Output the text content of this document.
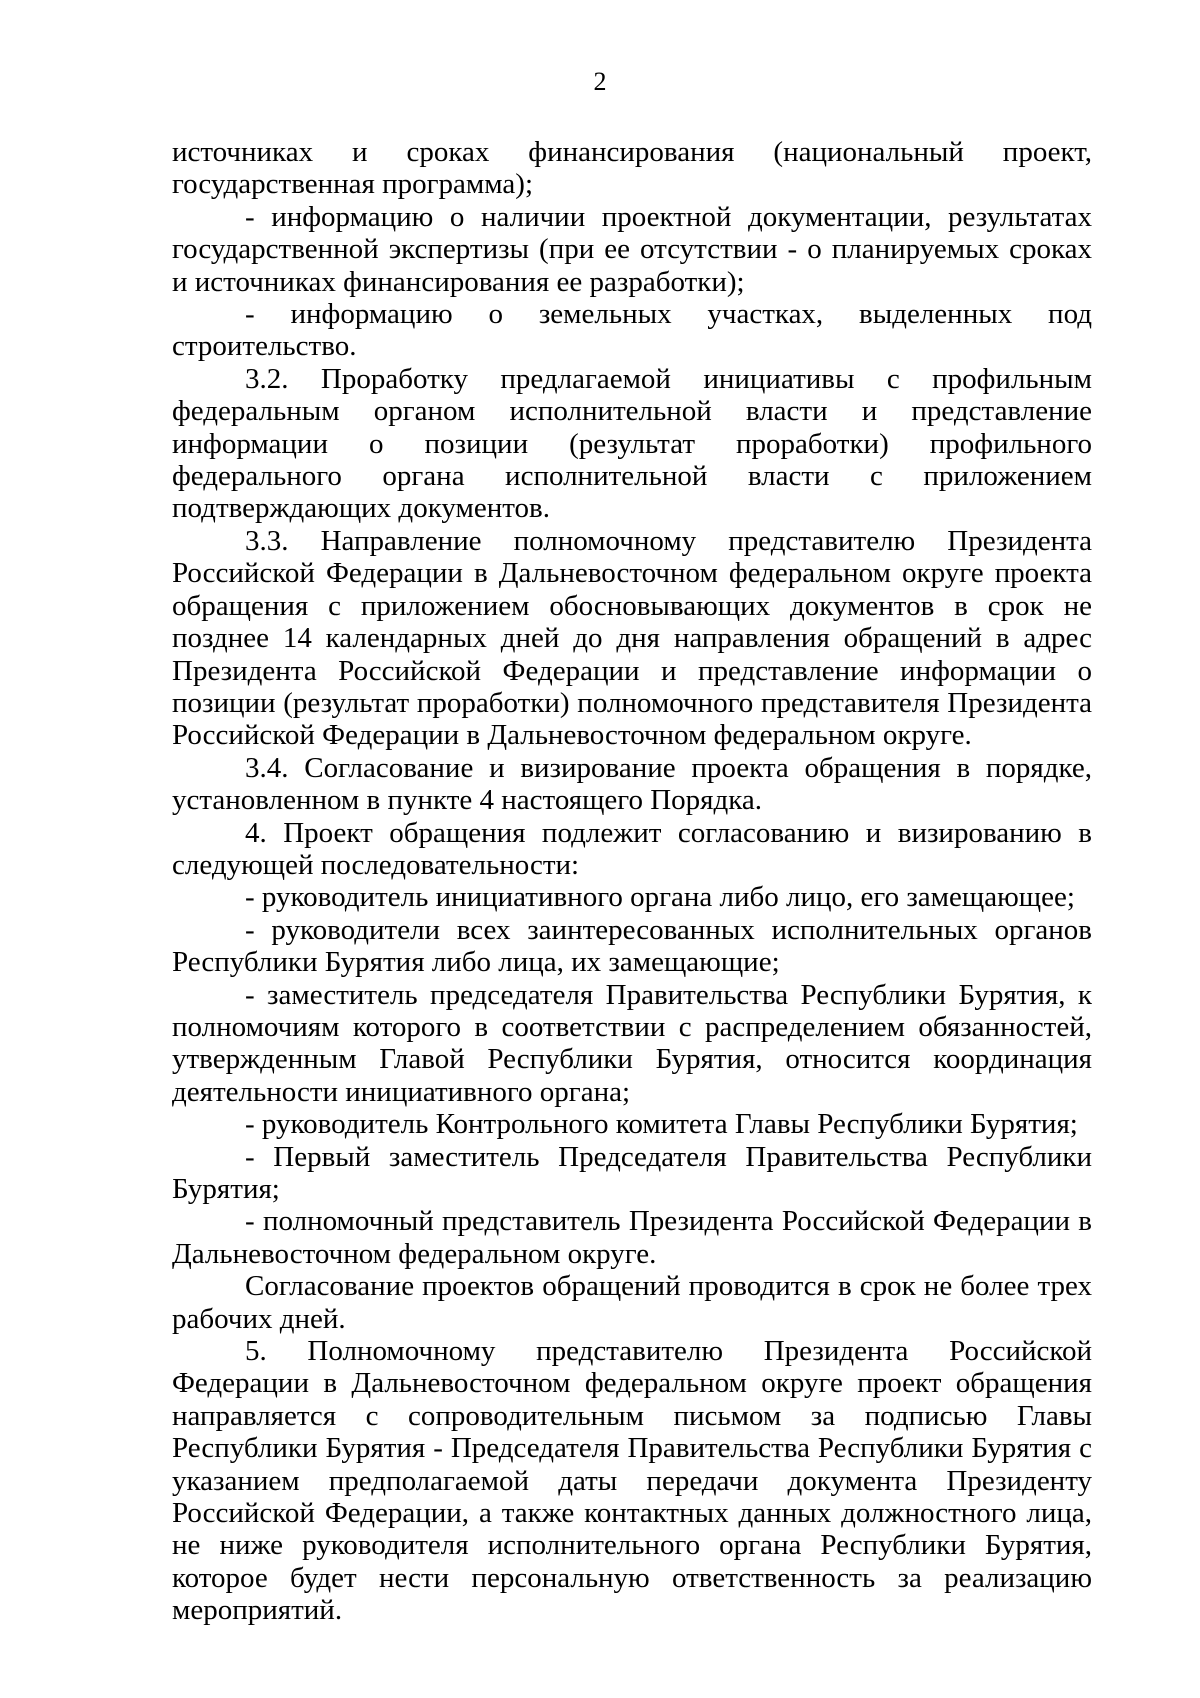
2

источниках и сроках финансирования (национальный проект, государственная программа);

- информацию о наличии проектной документации, результатах государственной экспертизы (при ее отсутствии - о планируемых сроках и источниках финансирования ее разработки);

- информацию о земельных участках, выделенных под строительство.

3.2. Проработку предлагаемой инициативы с профильным федеральным органом исполнительной власти и представление информации о позиции (результат проработки) профильного федерального органа исполнительной власти с приложением подтверждающих документов.

3.3. Направление полномочному представителю Президента Российской Федерации в Дальневосточном федеральном округе проекта обращения с приложением обосновывающих документов в срок не позднее 14 календарных дней до дня направления обращений в адрес Президента Российской Федерации и представление информации о позиции (результат проработки) полномочного представителя Президента Российской Федерации в Дальневосточном федеральном округе.

3.4. Согласование и визирование проекта обращения в порядке, установленном в пункте 4 настоящего Порядка.

4. Проект обращения подлежит согласованию и визированию в следующей последовательности:

- руководитель инициативного органа либо лицо, его замещающее;

- руководители всех заинтересованных исполнительных органов Республики Бурятия либо лица, их замещающие;

- заместитель председателя Правительства Республики Бурятия, к полномочиям которого в соответствии с распределением обязанностей, утвержденным Главой Республики Бурятия, относится координация деятельности инициативного органа;

- руководитель Контрольного комитета Главы Республики Бурятия;

- Первый заместитель Председателя Правительства Республики Бурятия;

- полномочный представитель Президента Российской Федерации в Дальневосточном федеральном округе.

Согласование проектов обращений проводится в срок не более трех рабочих дней.

5. Полномочному представителю Президента Российской Федерации в Дальневосточном федеральном округе проект обращения направляется с сопроводительным письмом за подписью Главы Республики Бурятия - Председателя Правительства Республики Бурятия с указанием предполагаемой даты передачи документа Президенту Российской Федерации, а также контактных данных должностного лица, не ниже руководителя исполнительного органа Республики Бурятия, которое будет нести персональную ответственность за реализацию мероприятий.
